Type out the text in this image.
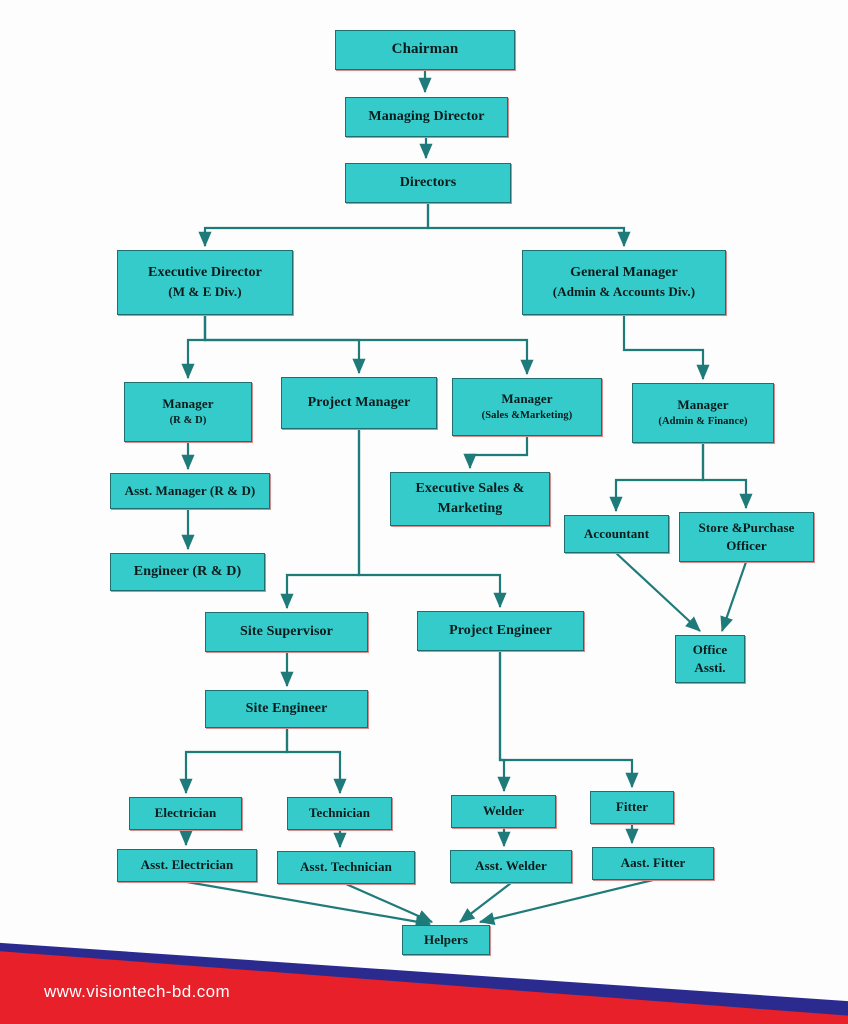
Chairman
Managing Director
Directors
Executive Director
(M & E Div.)
General Manager
(Admin & Accounts Div.)
Manager
(R & D)
Project Manager	Manager
(Sales &Marketing)
Manager
(Admin & Finance)
Asst. Manager (R & D)	Executive Sales &
Marketing
Accountant	Store &Purchase
Officer
Engineer (R & D)
Site Supervisor	Project Engineer
Office
Assti.
Site Engineer
Electrician	Technician	Welder	Fitter
Asst. Electrician	Asst. Technician	Asst. Welder	Aast. Fitter
Helpers
www.visiontech-bd.com
